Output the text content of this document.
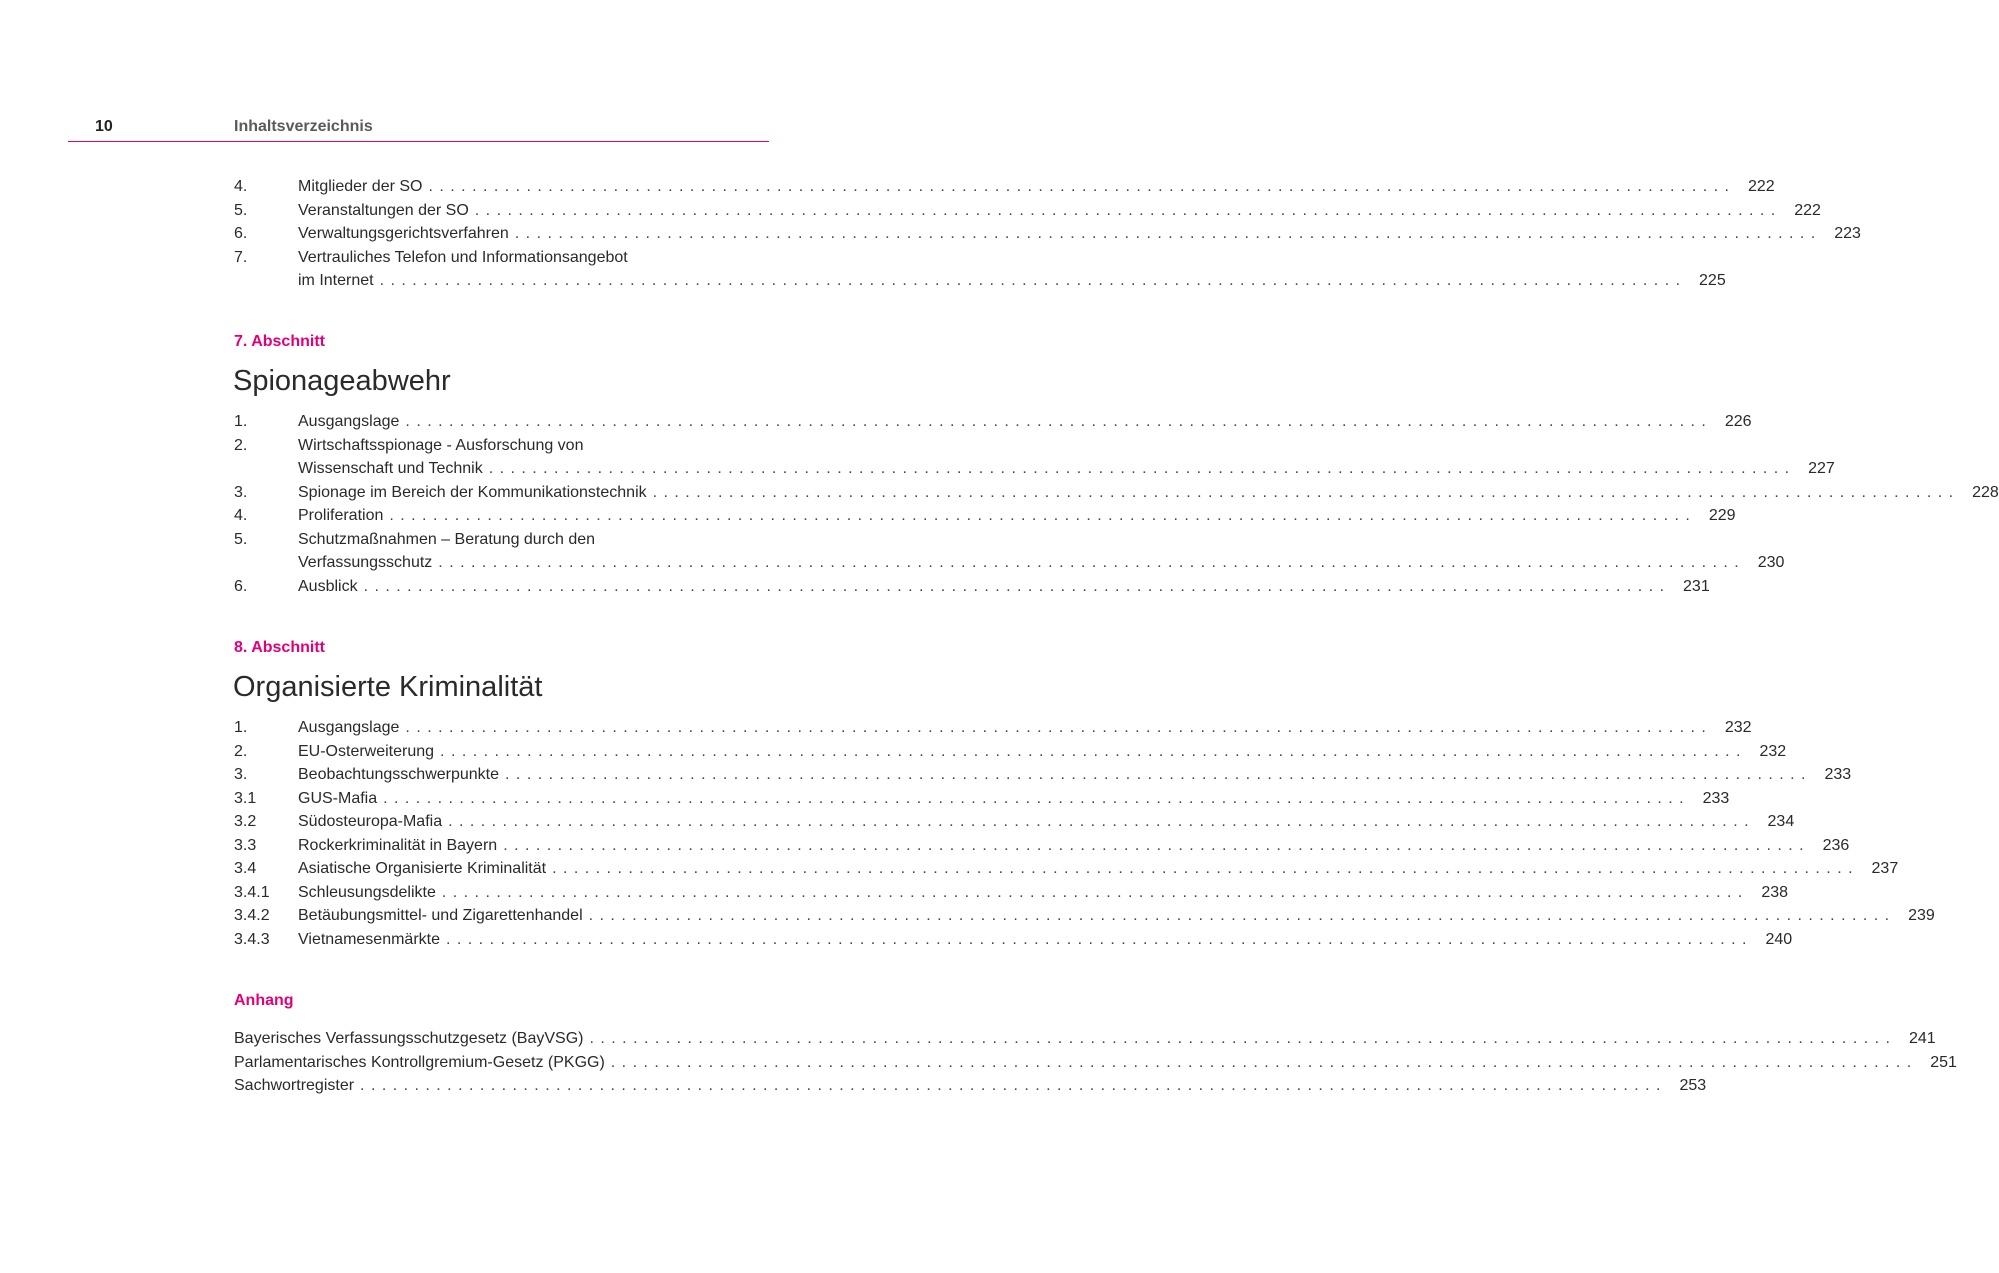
10	Inhaltsverzeichnis
4.	Mitglieder der SO . . . . . . . . . . . . . . . . . . . . . . . . . . . . . . . . . . . . . . . . . . . . . . . . . . . . . . . . . . . . . . . . . . . . . . . . . . . . . . . . . . . . . . . . . . . . . . . . . . . . . . . . . . . . . . . . . . . . . . . . 222
5.	Veranstaltungen der SO . . . . . . . . . . . . . . . . . . . . . . . . . . . . . . . . . . . . . . . . . . . . . . . . . . . . . . . . . . . . . . . . . . . . . . . . . . . . . . . . . . . . . . . . . . . . . . . . . . . . . . . . . . . . . . . . . . . . . . . . 222
6.	Verwaltungsgerichtsverfahren . . . . . . . . . . . . . . . . . . . . . . . . . . . . . . . . . . . . . . . . . . . . . . . . . . . . . . . . . . . . . . . . . . . . . . . . . . . . . . . . . . . . . . . . . . . . . . . . . . . . . . . . . . . . . . . . . . . . . . . . 223
7.	Vertrauliches Telefon und Informationsangebot
im Internet . . . . . . . . . . . . . . . . . . . . . . . . . . . . . . . . . . . . . . . . . . . . . . . . . . . . . . . . . . . . . . . . . . . . . . . . . . . . . . . . . . . . . . . . . . . . . . . . . . . . . . . . . . . . . . . . . . . . . . . . 225
7. Abschnitt
Spionageabwehr
1.	Ausgangslage . . . . . . . . . . . . . . . . . . . . . . . . . . . . . . . . . . . . . . . . . . . . . . . . . . . . . . . . . . . . . . . . . . . . . . . . . . . . . . . . . . . . . . . . . . . . . . . . . . . . . . . . . . . . . . . . . . . . . . . . 226
2.	Wirtschaftsspionage - Ausforschung von
Wissenschaft und Technik . . . . . . . . . . . . . . . . . . . . . . . . . . . . . . . . . . . . . . . . . . . . . . . . . . . . . . . . . . . . . . . . . . . . . . . . . . . . . . . . . . . . . . . . . . . . . . . . . . . . . . . . . . . . . . . . . . . . . . . . 227
3.	Spionage im Bereich der Kommunikationstechnik . . . . . . . . . . . . . . . . . . . . . . . . . . . . . . . . . . . . . . . . . . . . . . . . . . . . . . . . . . . . . . . . . . . . . . . . . . . . . . . . . . . . . . . . . . . . . . . . . . . . . . . . . . . . . . . . . . . . . . . . 228
4.	Proliferation . . . . . . . . . . . . . . . . . . . . . . . . . . . . . . . . . . . . . . . . . . . . . . . . . . . . . . . . . . . . . . . . . . . . . . . . . . . . . . . . . . . . . . . . . . . . . . . . . . . . . . . . . . . . . . . . . . . . . . . . 229
5.	Schutzmaßnahmen – Beratung durch den
Verfassungsschutz . . . . . . . . . . . . . . . . . . . . . . . . . . . . . . . . . . . . . . . . . . . . . . . . . . . . . . . . . . . . . . . . . . . . . . . . . . . . . . . . . . . . . . . . . . . . . . . . . . . . . . . . . . . . . . . . . . . . . . . . 230
6.	Ausblick . . . . . . . . . . . . . . . . . . . . . . . . . . . . . . . . . . . . . . . . . . . . . . . . . . . . . . . . . . . . . . . . . . . . . . . . . . . . . . . . . . . . . . . . . . . . . . . . . . . . . . . . . . . . . . . . . . . . . . . . 231
8. Abschnitt
Organisierte Kriminalität
1.	Ausgangslage . . . . . . . . . . . . . . . . . . . . . . . . . . . . . . . . . . . . . . . . . . . . . . . . . . . . . . . . . . . . . . . . . . . . . . . . . . . . . . . . . . . . . . . . . . . . . . . . . . . . . . . . . . . . . . . . . . . . . . . . 232
2.	EU-Osterweiterung . . . . . . . . . . . . . . . . . . . . . . . . . . . . . . . . . . . . . . . . . . . . . . . . . . . . . . . . . . . . . . . . . . . . . . . . . . . . . . . . . . . . . . . . . . . . . . . . . . . . . . . . . . . . . . . . . . . . . . . . 232
3.	Beobachtungsschwerpunkte . . . . . . . . . . . . . . . . . . . . . . . . . . . . . . . . . . . . . . . . . . . . . . . . . . . . . . . . . . . . . . . . . . . . . . . . . . . . . . . . . . . . . . . . . . . . . . . . . . . . . . . . . . . . . . . . . . . . . . . . 233
3.1	GUS-Mafia . . . . . . . . . . . . . . . . . . . . . . . . . . . . . . . . . . . . . . . . . . . . . . . . . . . . . . . . . . . . . . . . . . . . . . . . . . . . . . . . . . . . . . . . . . . . . . . . . . . . . . . . . . . . . . . . . . . . . . . . 233
3.2	Südosteuropa-Mafia . . . . . . . . . . . . . . . . . . . . . . . . . . . . . . . . . . . . . . . . . . . . . . . . . . . . . . . . . . . . . . . . . . . . . . . . . . . . . . . . . . . . . . . . . . . . . . . . . . . . . . . . . . . . . . . . . . . . . . . . 234
3.3	Rockerkriminalität in Bayern . . . . . . . . . . . . . . . . . . . . . . . . . . . . . . . . . . . . . . . . . . . . . . . . . . . . . . . . . . . . . . . . . . . . . . . . . . . . . . . . . . . . . . . . . . . . . . . . . . . . . . . . . . . . . . . . . . . . . . . . 236
3.4	Asiatische Organisierte Kriminalität . . . . . . . . . . . . . . . . . . . . . . . . . . . . . . . . . . . . . . . . . . . . . . . . . . . . . . . . . . . . . . . . . . . . . . . . . . . . . . . . . . . . . . . . . . . . . . . . . . . . . . . . . . . . . . . . . . . . . . . . 237
3.4.1 Schleusungsdelikte . . . . . . . . . . . . . . . . . . . . . . . . . . . . . . . . . . . . . . . . . . . . . . . . . . . . . . . . . . . . . . . . . . . . . . . . . . . . . . . . . . . . . . . . . . . . . . . . . . . . . . . . . . . . . . . . . . . . . . . . 238
3.4.2 Betäubungsmittel- und Zigarettenhandel . . . . . . . . . . . . . . . . . . . . . . . . . . . . . . . . . . . . . . . . . . . . . . . . . . . . . . . . . . . . . . . . . . . . . . . . . . . . . . . . . . . . . . . . . . . . . . . . . . . . . . . . . . . . . . . . . . . . . . . . 239
3.4.3 Vietnamesenmärkte . . . . . . . . . . . . . . . . . . . . . . . . . . . . . . . . . . . . . . . . . . . . . . . . . . . . . . . . . . . . . . . . . . . . . . . . . . . . . . . . . . . . . . . . . . . . . . . . . . . . . . . . . . . . . . . . . . . . . . . . 240
Anhang
Bayerisches Verfassungsschutzgesetz (BayVSG) . . . . . . . . . . . . . . . . . . . . . . . . . . . . . . . . . . . . . . . . . . . . . . . . . . . . . . . . . . . . . . . . . . . . . . . . . . . . . . . . . . . . . . . . . . . . . . . . . . . . . . . . . . . . . . . . . . . . . . . . 241
Parlamentarisches Kontrollgremium-Gesetz (PKGG) . . . . . . . . . . . . . . . . . . . . . . . . . . . . . . . . . . . . . . . . . . . . . . . . . . . . . . . . . . . . . . . . . . . . . . . . . . . . . . . . . . . . . . . . . . . . . . . . . . . . . . . . . . . . . . . . . . . . . . . . 251
Sachwortregister . . . . . . . . . . . . . . . . . . . . . . . . . . . . . . . . . . . . . . . . . . . . . . . . . . . . . . . . . . . . . . . . . . . . . . . . . . . . . . . . . . . . . . . . . . . . . . . . . . . . . . . . . . . . . . . . . . . . . . . . 253
